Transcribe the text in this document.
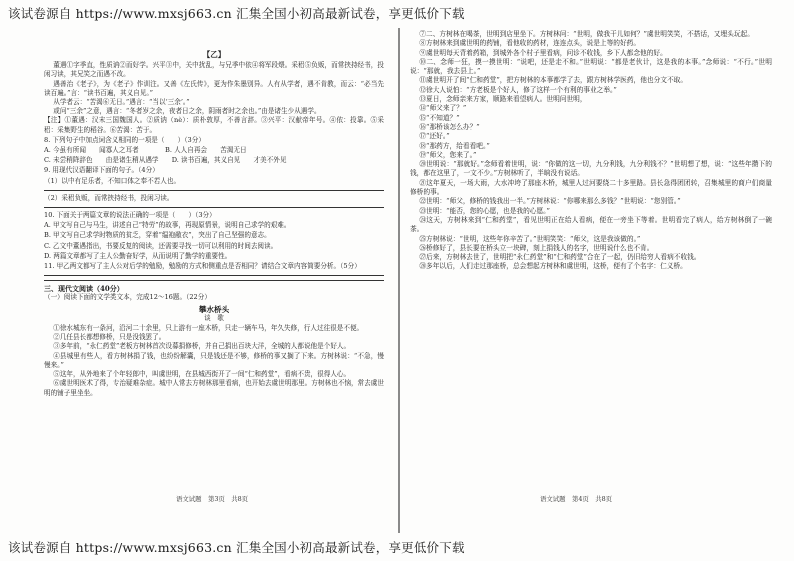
该试卷源自 https://www.mxsj663.cn 汇集全国小初高最新试卷，享更低价下载
【乙】
董遇①字季直，性质讷②而好学。兴平③中，关中扰乱，与兄季中依④将军段煨。采稆⑤负贩，而常挟持经书，投闲习读，其兄笑之而遇不改。
遇善治《老子》，为《老子》作训注。又善《左氏传》，更为作朱墨别异。人有从学者，遇不肯教，而云：“必当先读百遍。”言：“读书百遍，其义自见。”
从学者云：“苦渴⑥无日。”遇言：“当以‘三余’。”
或问“三余”之意，遇言：“冬者岁之余，夜者日之余，阴雨者时之余也。”由是诸生少从遇学。
【注】①董遇：汉末三国魏国人。②质讷（nè）：质朴敦厚，不善言辞。③兴平：汉献帝年号。④依：投靠。⑤采稆：采集野生的稻谷。⑥苦渴：苦于。
8. 下列句子中加点词含义相同的一项是（　　）（3分）
A. 今虽有所闻　　闻寡人之耳者　　　　B. 人人自再会　　苦渴无日
C. 未尝稍降辞色　　由是诸生稍从遇学　　D. 读书百遍，其义自见　　才美不外见
9. 用现代汉语翻译下面的句子。（4分）
（1）以中有足乐者，不知口体之奉不若人也。
（2）采稆负贩，而常挟持经书，投闲习读。
10. 下面关于两篇文章的说法正确的一项是（　　）（3分）
A. 甲文写自己与马生，讲述自己“特劳”的故事，再现原情景，说明自己求学的艰难。
B. 甲文写自己求学时物质的贫乏，穿着“缊袍敝衣”，突出了自己坚强的意志。
C. 乙文中董遇指出，书要反复的阅读，还需要寻找一切可以利用的时间去阅读。
D. 两篇文章都写了主人公勤奋好学，从而说明了勤学的重要性。
11. 甲乙两文都写了主人公对后学的勉励，勉励的方式和侧重点是否相同？请结合文章内容简要分析。（5分）
三、现代文阅读（40分）
（一）阅读下面的文学类文本，完成12～16题。（22分）
攀水桥头
谈　歌
①徐水城东有一条河，沿河二十余里，只上游有一座木桥，只走一辆车马，年久失修，行人过往很是不便。
②几任县长都想修桥，只是没钱罢了。
③多年前，“永仁药堂”老板方树林首次设募捐修桥，并自己捐出百块大洋，全城的人都说他是个好人。
④县城里有些人，看方树林捐了钱，也纷纷解囊，只是钱还是不够，修桥的事又搁了下来。方树林说：“不急，慢慢来。”
⑤这年，从外地来了个年轻郎中，叫虞世明，在县城西街开了一间“仁和药堂”，看病不贵，很得人心。
⑥虞世明医术了得，专治疑难杂症。城中人常去方树林那里看病，也开始去虞世明那里。方树林也不恼，常去虞世明的铺子里坐坐。
语文试题　第3页　共8页
⑦二、方树林在喝茶，世明到店里坐下。方树林问：“世明，做我干儿如何？”虞世明笑笑，不搭话，又埋头玩起。
⑧方树林来到虞世明的药铺，看他收的药材，连连点头，说是上等的好药。
⑨虞世明每天背着药箱，到城外各个村子里看病，问诊不收钱，乡下人都念他的好。
⑩二、念师一狂，摸一摸世明：“说吧，还是走不和。”世明说：“都是老伙计，这是我的本事。”念师说：“不行。”世明说：“那就，我去县上。”
⑪虞世明开了间“仁和药堂”，把方树林的本事都学了去，跟方树林学医药，他也分文不取。
⑫徐大人说怕：“方老板是个好人，修了这样一个有利的事业之举。”
⑬夏日，念师亲来方家，顺路来看望病人。世明问世明，
⑭“师父来了？”
⑮“不知道？”
⑯“那桥该怎么办？”
⑰“还好。”
⑱“那药方，给看看吧。”
⑲“师父，您来了。”
⑳世明说：“那就好。”念师看着世明，说：“你做的这一切，九分利钱，九分利钱不？”世明想了想，说：“这些年攒下的钱，都在这里了，一文不少。”方树林听了，半晌没有说话。
㉑这年夏天，一场大雨，大水冲垮了那座木桥，城里人过河要绕二十多里路。县长急得团团转，召集城里的商户们商量修桥的事。
㉒世明：“师父，修桥的钱我出一半。”方树林说：“你哪来那么多钱？”世明说：“您别管。”
㉓世明：“能否，您的心愿，也是我的心愿。”
㉔这天，方树林来到“仁和药堂”，看见世明正在给人看病，便在一旁坐下等着。世明看完了病人，给方树林倒了一碗茶。
㉕方树林说：“世明，这些年你辛苦了。”世明笑笑：“师父，这是我该做的。”
㉖桥修好了，县长要在桥头立一块碑，刻上捐钱人的名字，世明说什么也不肯。
㉗后来，方树林去世了，世明把“永仁药堂”和“仁和药堂”合在了一起，仍旧给穷人看病不收钱。
㉘多年以后，人们走过那座桥，总会想起方树林和虞世明，这桥，便有了个名字：仁义桥。
语文试题　第4页　共8页
该试卷源自 https://www.mxsj663.cn 汇集全国小初高最新试卷，享更低价下载
